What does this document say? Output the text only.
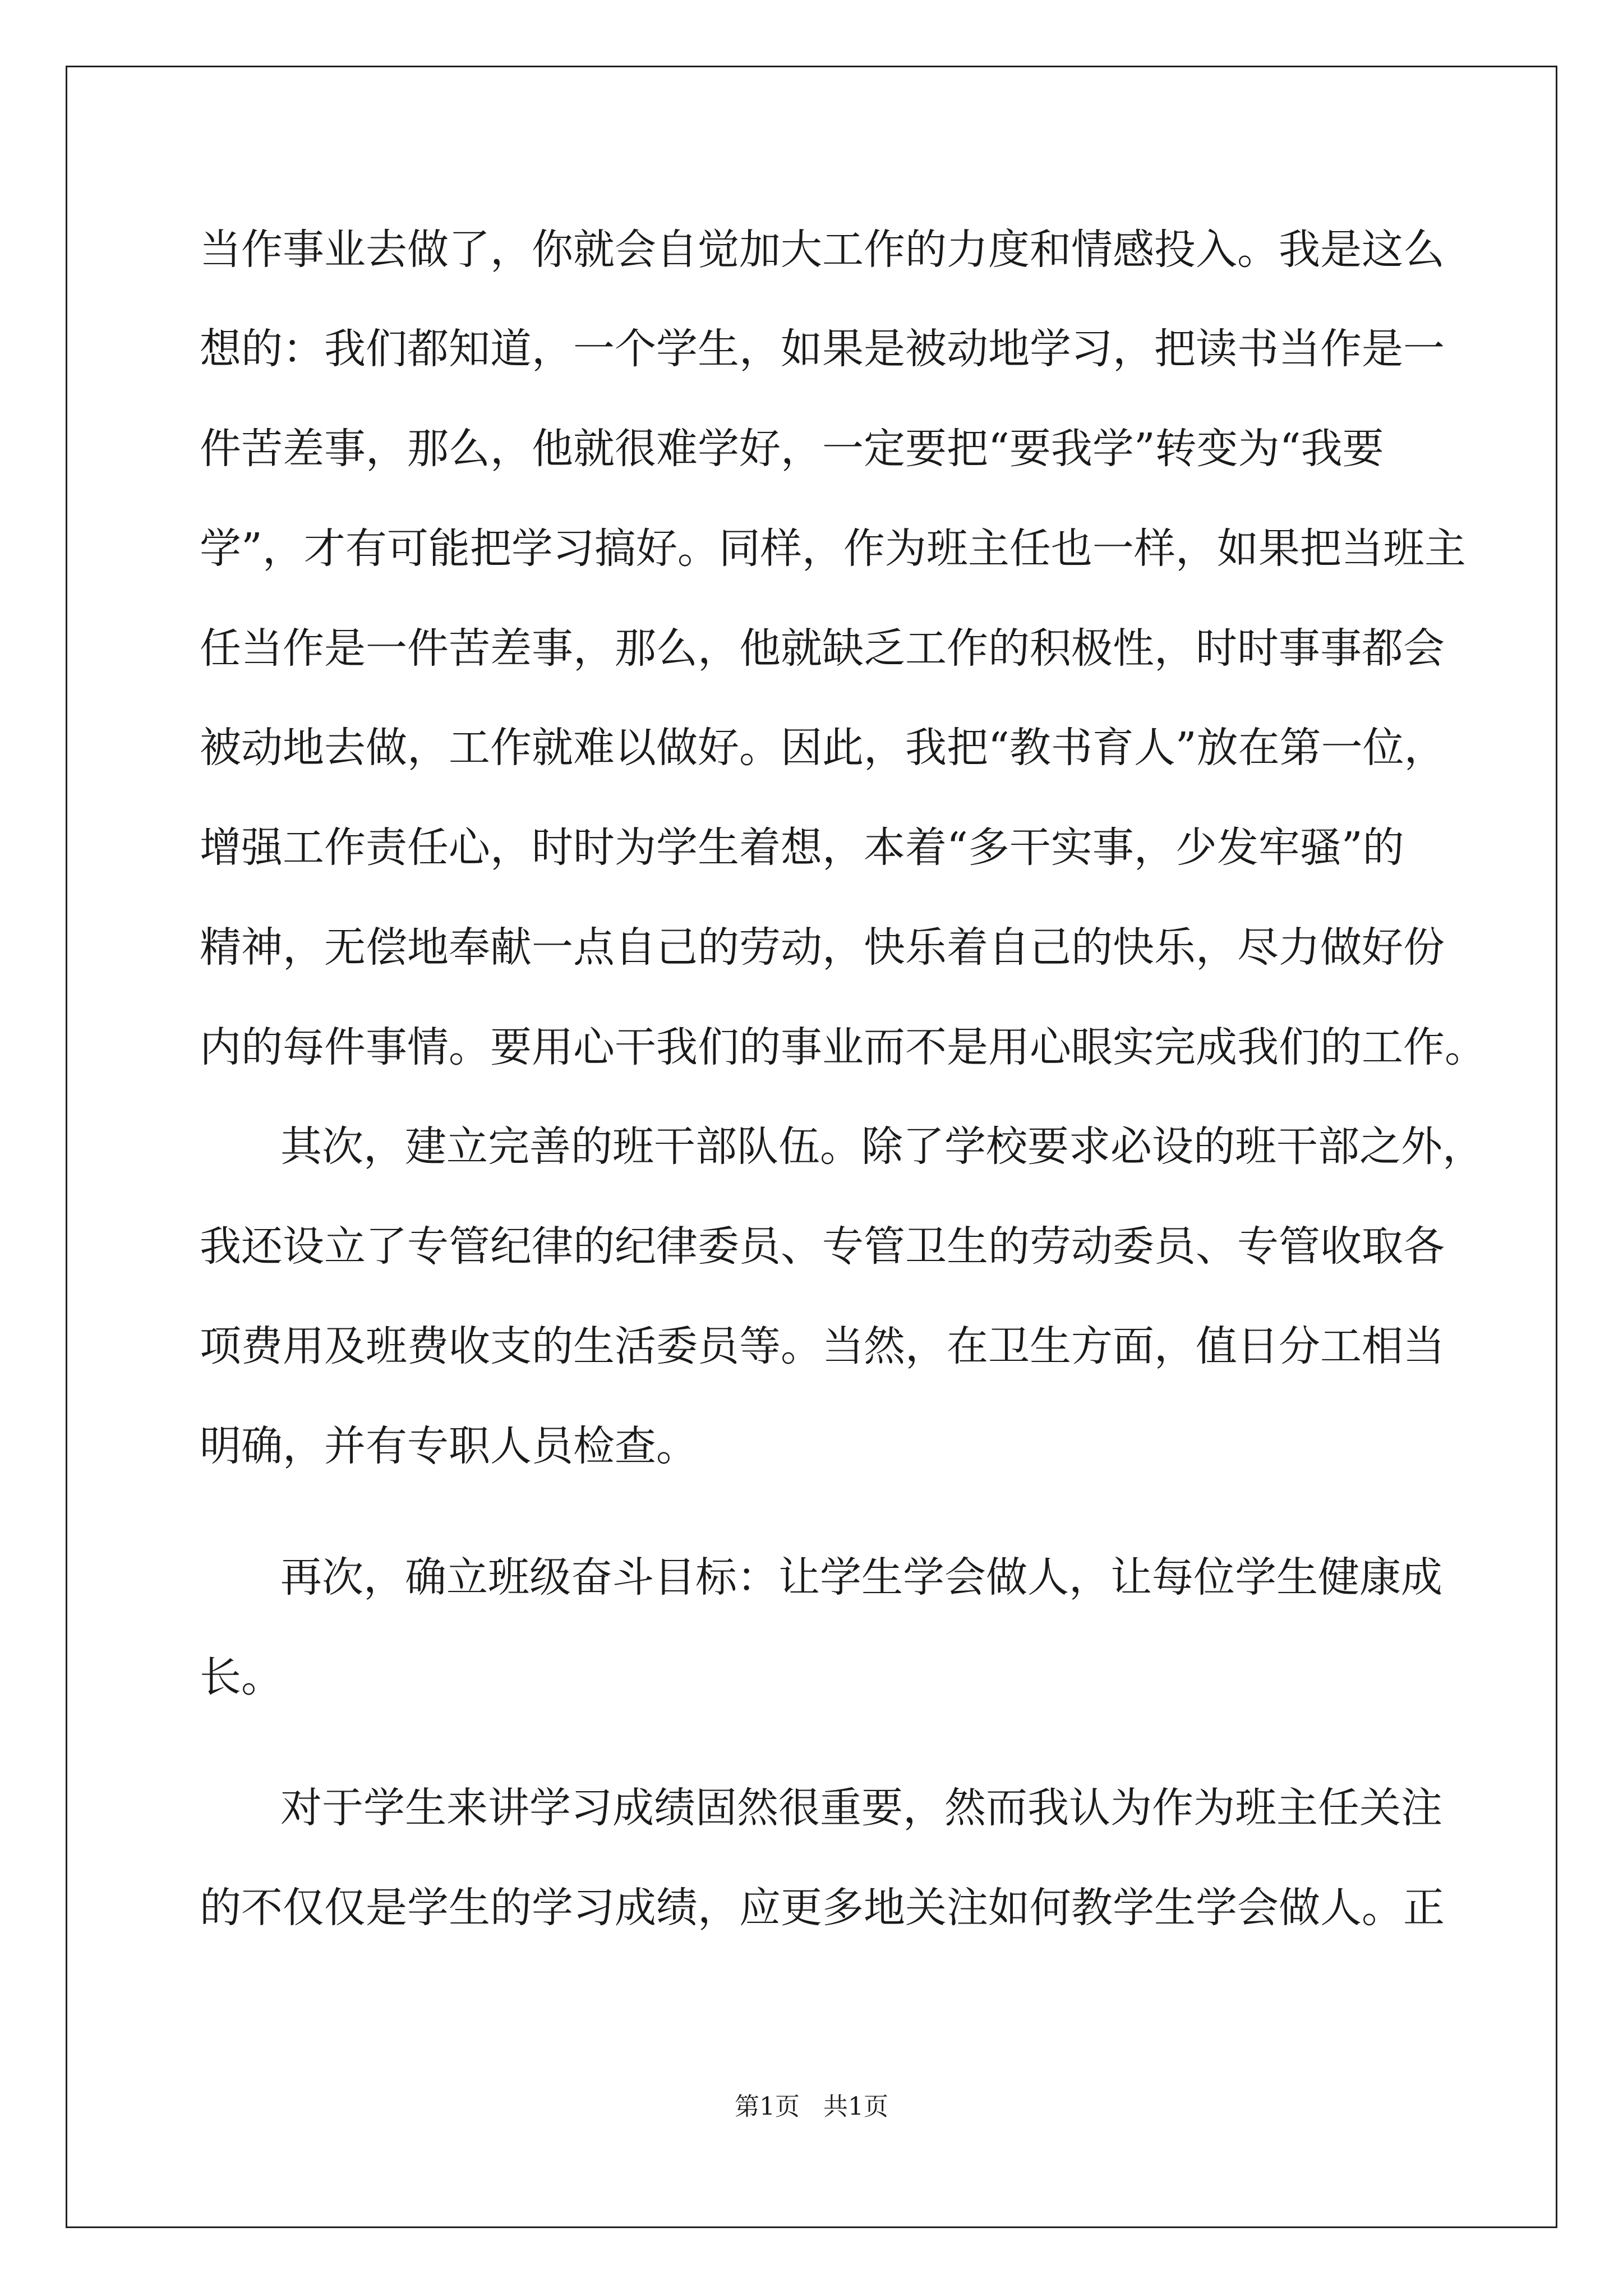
当作事业去做了，你就会自觉加大工作的力度和情感投入。我是这么

想的：我们都知道，一个学生，如果是被动地学习，把读书当作是一

件苦差事，那么，他就很难学好，一定要把“要我学”转变为“我要

学”，才有可能把学习搞好。同样，作为班主任也一样，如果把当班主

任当作是一件苦差事，那么，他就缺乏工作的积极性，时时事事都会

被动地去做，工作就难以做好。因此，我把“教书育人”放在第一位，

增强工作责任心，时时为学生着想，本着“多干实事，少发牢骚”的

精神，无偿地奉献一点自己的劳动，快乐着自己的快乐，尽力做好份

内的每件事情。要用心干我们的事业而不是用心眼实完成我们的工作。

其次，建立完善的班干部队伍。除了学校要求必设的班干部之外，

我还设立了专管纪律的纪律委员、专管卫生的劳动委员、专管收取各

项费用及班费收支的生活委员等。当然，在卫生方面，值日分工相当

明确，并有专职人员检查。

再次，确立班级奋斗目标：让学生学会做人，让每位学生健康成

长。

对于学生来讲学习成绩固然很重要，然而我认为作为班主任关注

的不仅仅是学生的学习成绩，应更多地关注如何教学生学会做人。正

第1页   共1页
